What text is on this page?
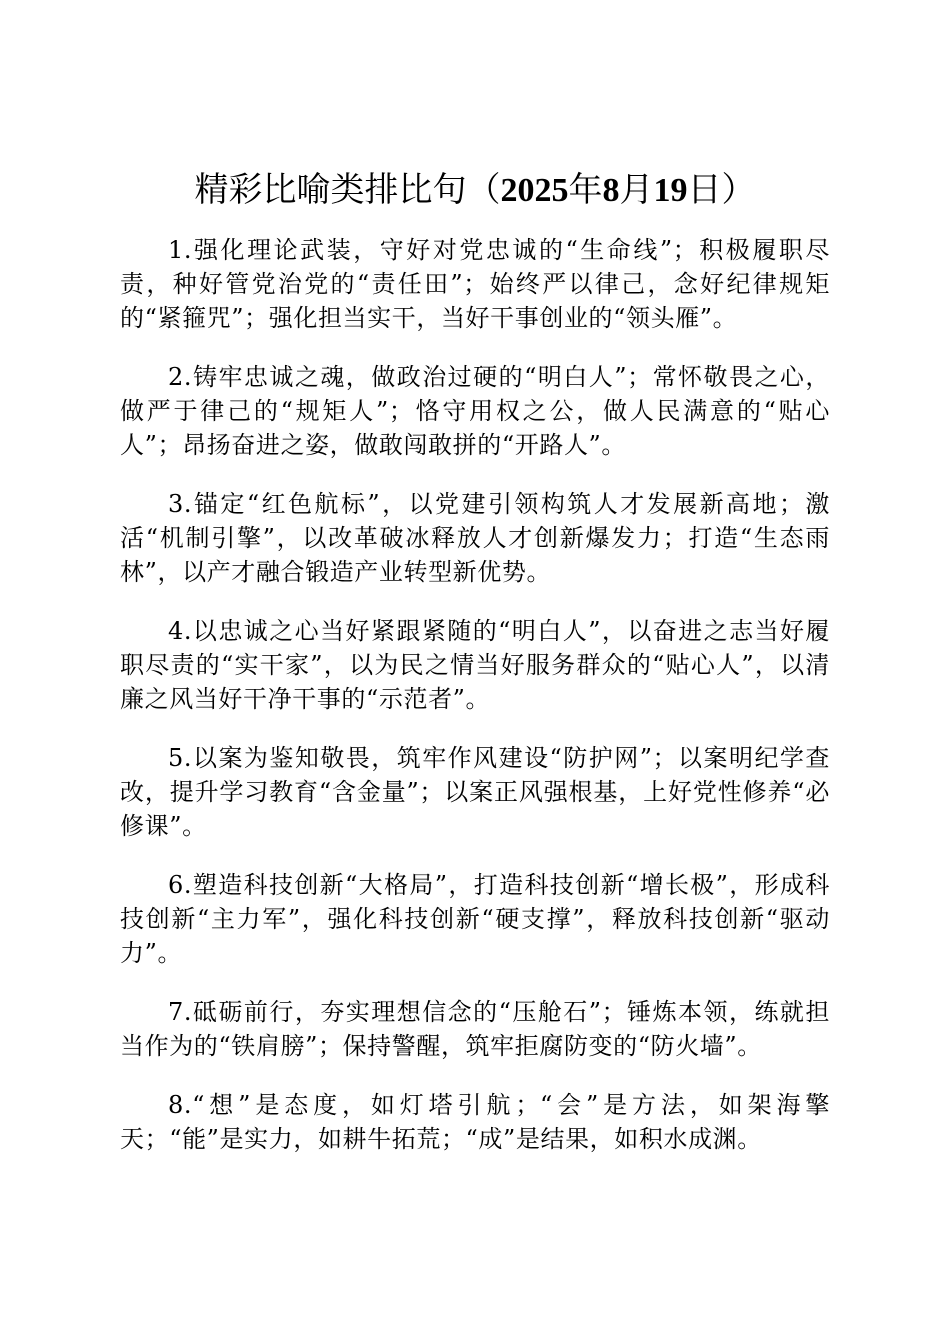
精彩比喻类排比句（2025年8月19日）

1.强化理论武装，守好对党忠诚的“生命线”；积极履职尽责，种好管党治党的“责任田”；始终严以律己，念好纪律规矩的“紧箍咒”；强化担当实干，当好干事创业的“领头雁”。

2.铸牢忠诚之魂，做政治过硬的“明白人”；常怀敬畏之心，做严于律己的“规矩人”；恪守用权之公，做人民满意的“贴心人”；昂扬奋进之姿，做敢闯敢拼的“开路人”。

3.锚定“红色航标”，以党建引领构筑人才发展新高地；激活“机制引擎”，以改革破冰释放人才创新爆发力；打造“生态雨林”，以产才融合锻造产业转型新优势。

4.以忠诚之心当好紧跟紧随的“明白人”，以奋进之志当好履职尽责的“实干家”，以为民之情当好服务群众的“贴心人”，以清廉之风当好干净干事的“示范者”。

5.以案为鉴知敬畏，筑牢作风建设“防护网”；以案明纪学查改，提升学习教育“含金量”；以案正风强根基，上好党性修养“必修课”。

6.塑造科技创新“大格局”，打造科技创新“增长极”，形成科技创新“主力军”，强化科技创新“硬支撑”，释放科技创新“驱动力”。

7.砥砺前行，夯实理想信念的“压舱石”；锤炼本领，练就担当作为的“铁肩膀”；保持警醒，筑牢拒腐防变的“防火墙”。

8.“想”是态度，如灯塔引航；“会”是方法，如架海擎天；“能”是实力，如耕牛拓荒；“成”是结果，如积水成渊。
